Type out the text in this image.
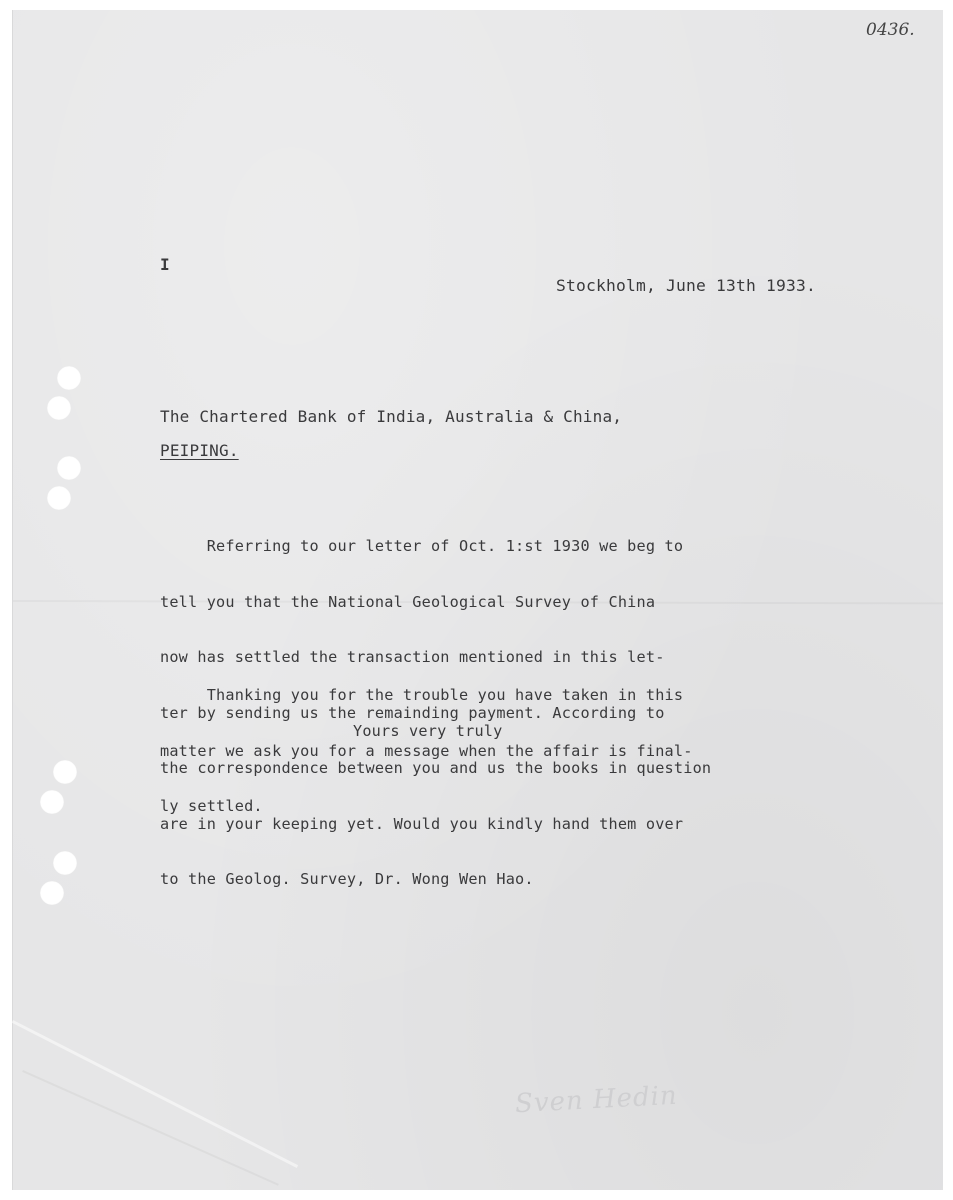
0436.
I
Stockholm, June 13th 1933.
The Chartered Bank of India, Australia & China,
PEIPING.

Referring to our letter of Oct. 1:st 1930 we beg to

tell you that the National Geological Survey of China

now has settled the transaction mentioned in this let-

ter by sending us the remainding payment. According to

the correspondence between you and us the books in question

are in your keeping yet. Would you kindly hand them over

to the Geolog. Survey, Dr. Wong Wen Hao.

Thanking you for the trouble you have taken in this

matter we ask you for a message when the affair is final-

ly settled.

Yours very truly
Sven Hedin
